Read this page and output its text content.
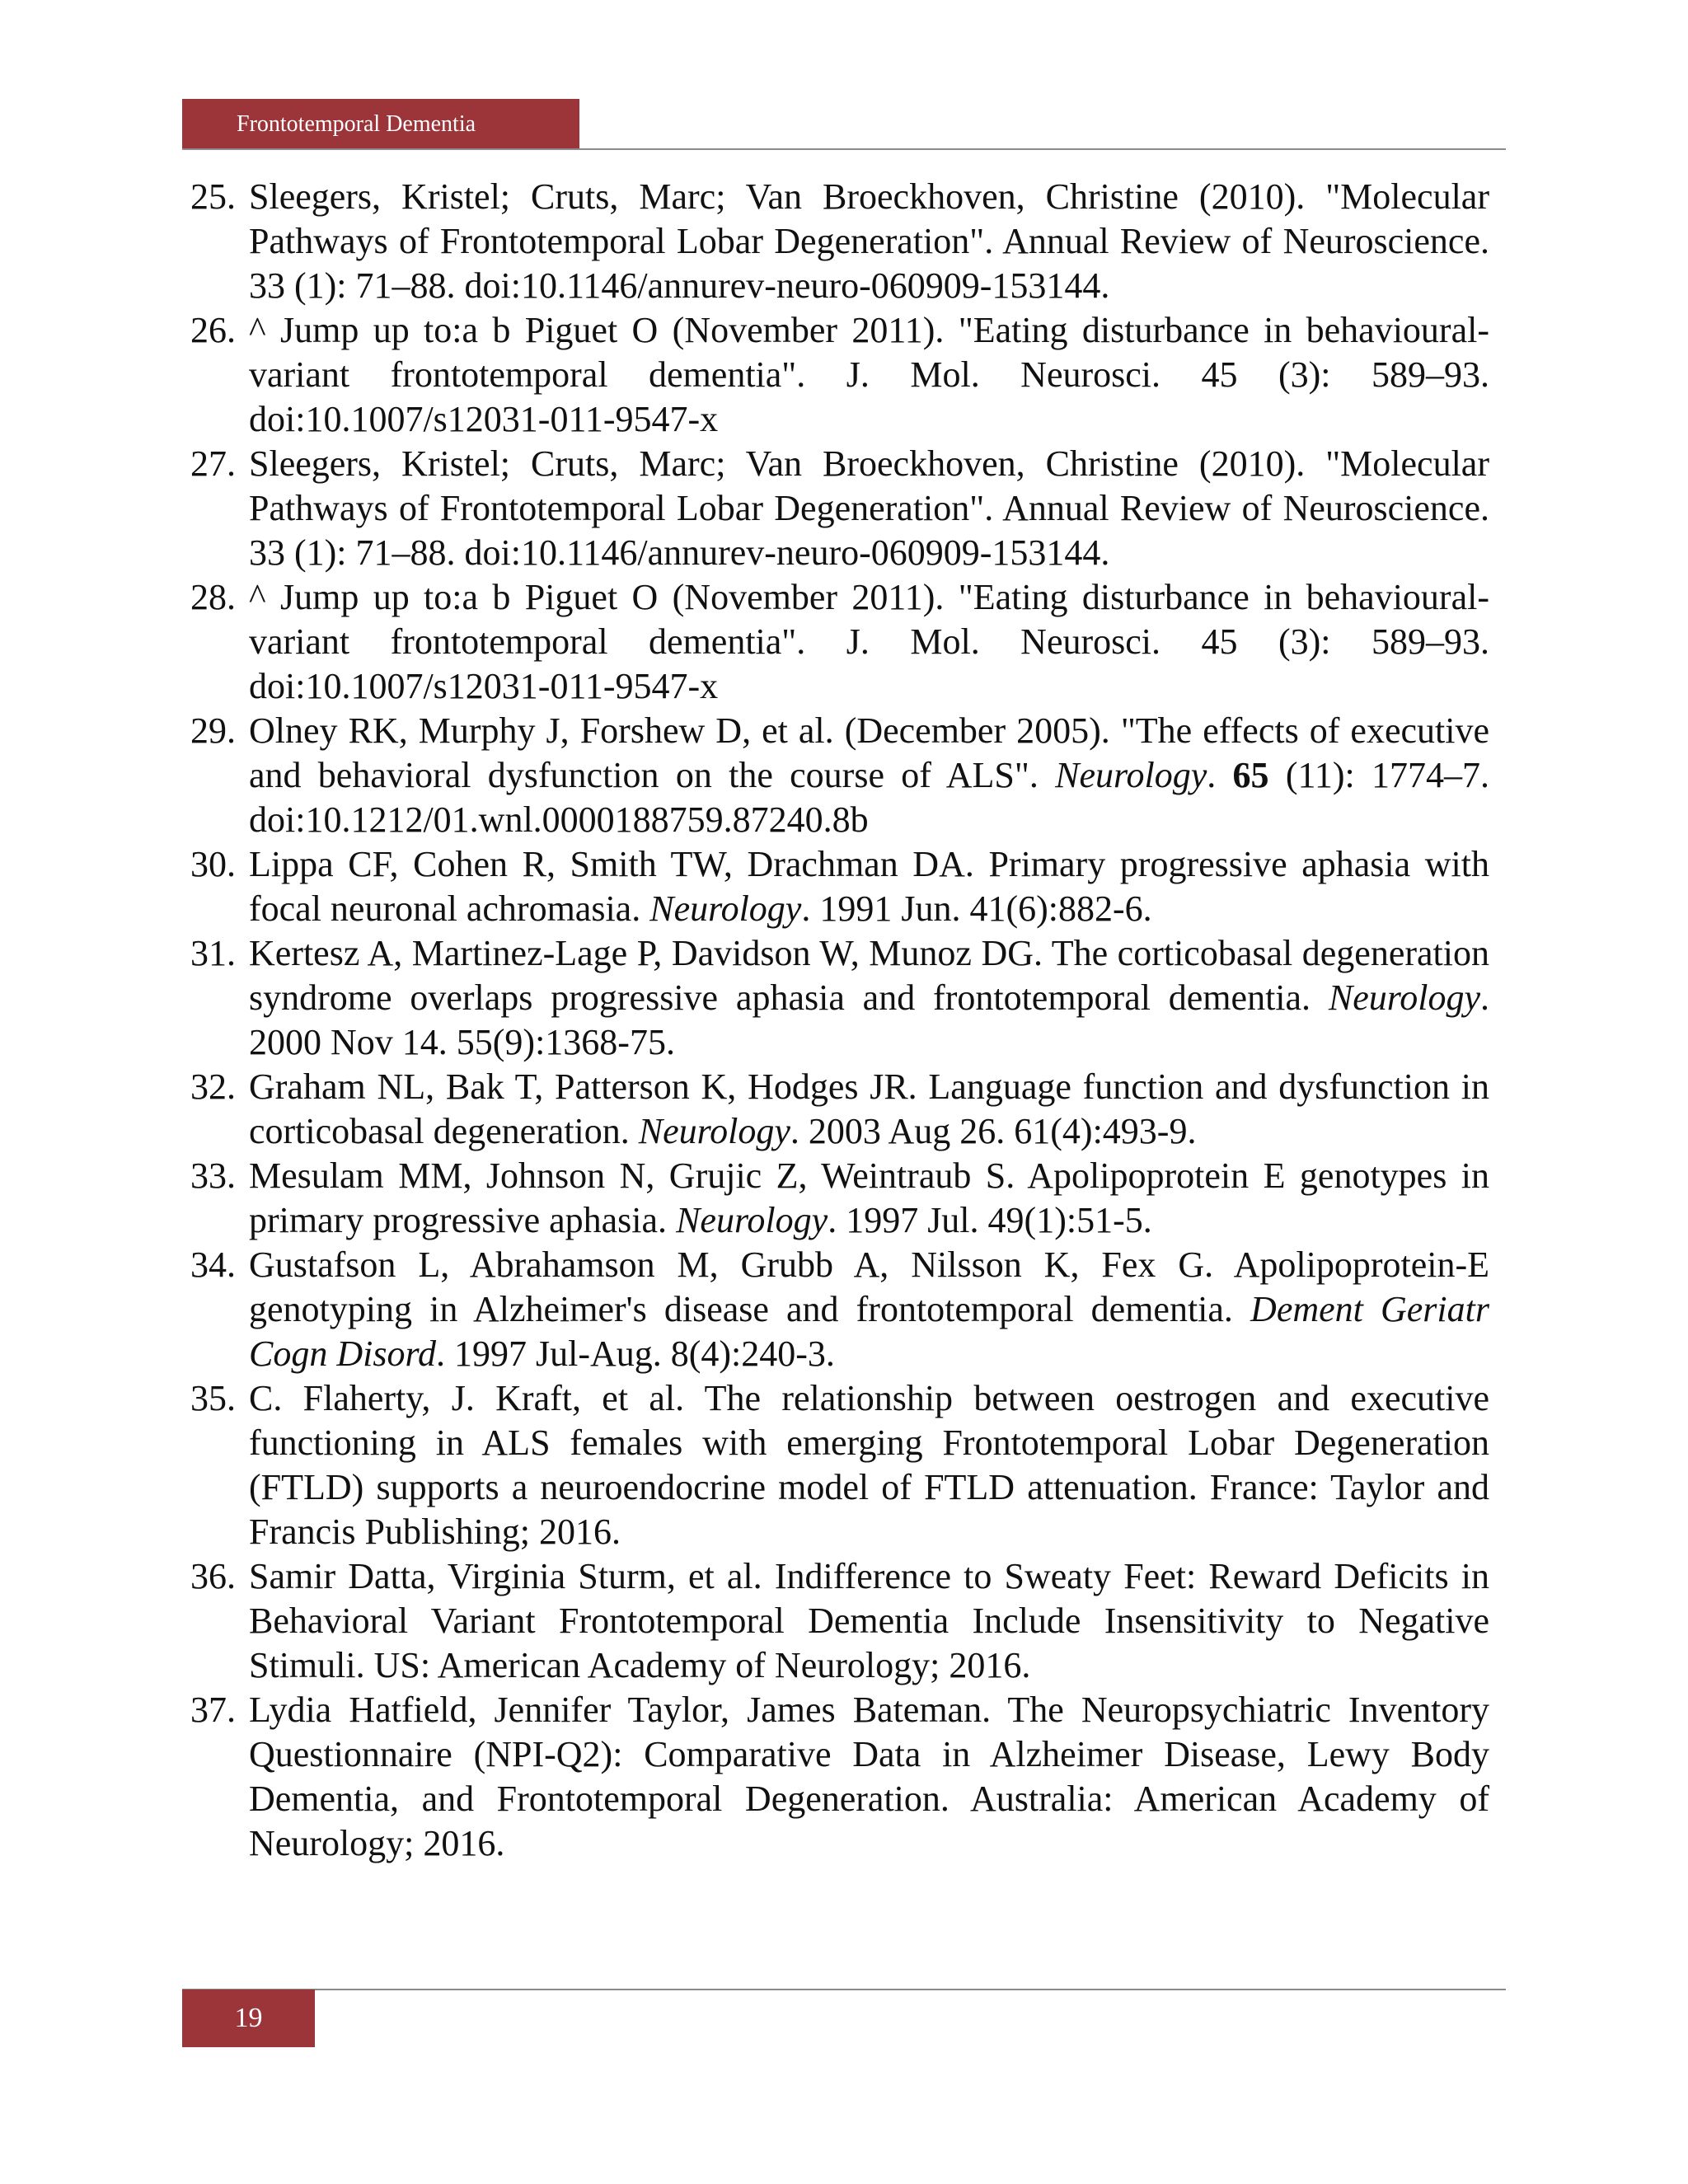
Frontotemporal Dementia
25. Sleegers, Kristel; Cruts, Marc; Van Broeckhoven, Christine (2010). "Molecular Pathways of Frontotemporal Lobar Degeneration". Annual Review of Neuroscience. 33 (1): 71–88. doi:10.1146/annurev-neuro-060909-153144.
26. ^ Jump up to:a b Piguet O (November 2011). "Eating disturbance in behavioural-variant frontotemporal dementia". J. Mol. Neurosci. 45 (3): 589–93. doi:10.1007/s12031-011-9547-x
27. Sleegers, Kristel; Cruts, Marc; Van Broeckhoven, Christine (2010). "Molecular Pathways of Frontotemporal Lobar Degeneration". Annual Review of Neuroscience. 33 (1): 71–88. doi:10.1146/annurev-neuro-060909-153144.
28. ^ Jump up to:a b Piguet O (November 2011). "Eating disturbance in behavioural-variant frontotemporal dementia". J. Mol. Neurosci. 45 (3): 589–93. doi:10.1007/s12031-011-9547-x
29. Olney RK, Murphy J, Forshew D, et al. (December 2005). "The effects of executive and behavioral dysfunction on the course of ALS". Neurology. 65 (11): 1774–7. doi:10.1212/01.wnl.0000188759.87240.8b
30. Lippa CF, Cohen R, Smith TW, Drachman DA. Primary progressive aphasia with focal neuronal achromasia. Neurology. 1991 Jun. 41(6):882-6.
31. Kertesz A, Martinez-Lage P, Davidson W, Munoz DG. The corticobasal degeneration syndrome overlaps progressive aphasia and frontotemporal dementia. Neurology. 2000 Nov 14. 55(9):1368-75.
32. Graham NL, Bak T, Patterson K, Hodges JR. Language function and dysfunction in corticobasal degeneration. Neurology. 2003 Aug 26. 61(4):493-9.
33. Mesulam MM, Johnson N, Grujic Z, Weintraub S. Apolipoprotein E genotypes in primary progressive aphasia. Neurology. 1997 Jul. 49(1):51-5.
34. Gustafson L, Abrahamson M, Grubb A, Nilsson K, Fex G. Apolipoprotein-E genotyping in Alzheimer's disease and frontotemporal dementia. Dement Geriatr Cogn Disord. 1997 Jul-Aug. 8(4):240-3.
35. C. Flaherty, J. Kraft, et al. The relationship between oestrogen and executive functioning in ALS females with emerging Frontotemporal Lobar Degeneration (FTLD) supports a neuroendocrine model of FTLD attenuation. France: Taylor and Francis Publishing; 2016.
36. Samir Datta, Virginia Sturm, et al. Indifference to Sweaty Feet: Reward Deficits in Behavioral Variant Frontotemporal Dementia Include Insensitivity to Negative Stimuli. US: American Academy of Neurology; 2016.
37. Lydia Hatfield, Jennifer Taylor, James Bateman. The Neuropsychiatric Inventory Questionnaire (NPI-Q2): Comparative Data in Alzheimer Disease, Lewy Body Dementia, and Frontotemporal Degeneration. Australia: American Academy of Neurology; 2016.
19
